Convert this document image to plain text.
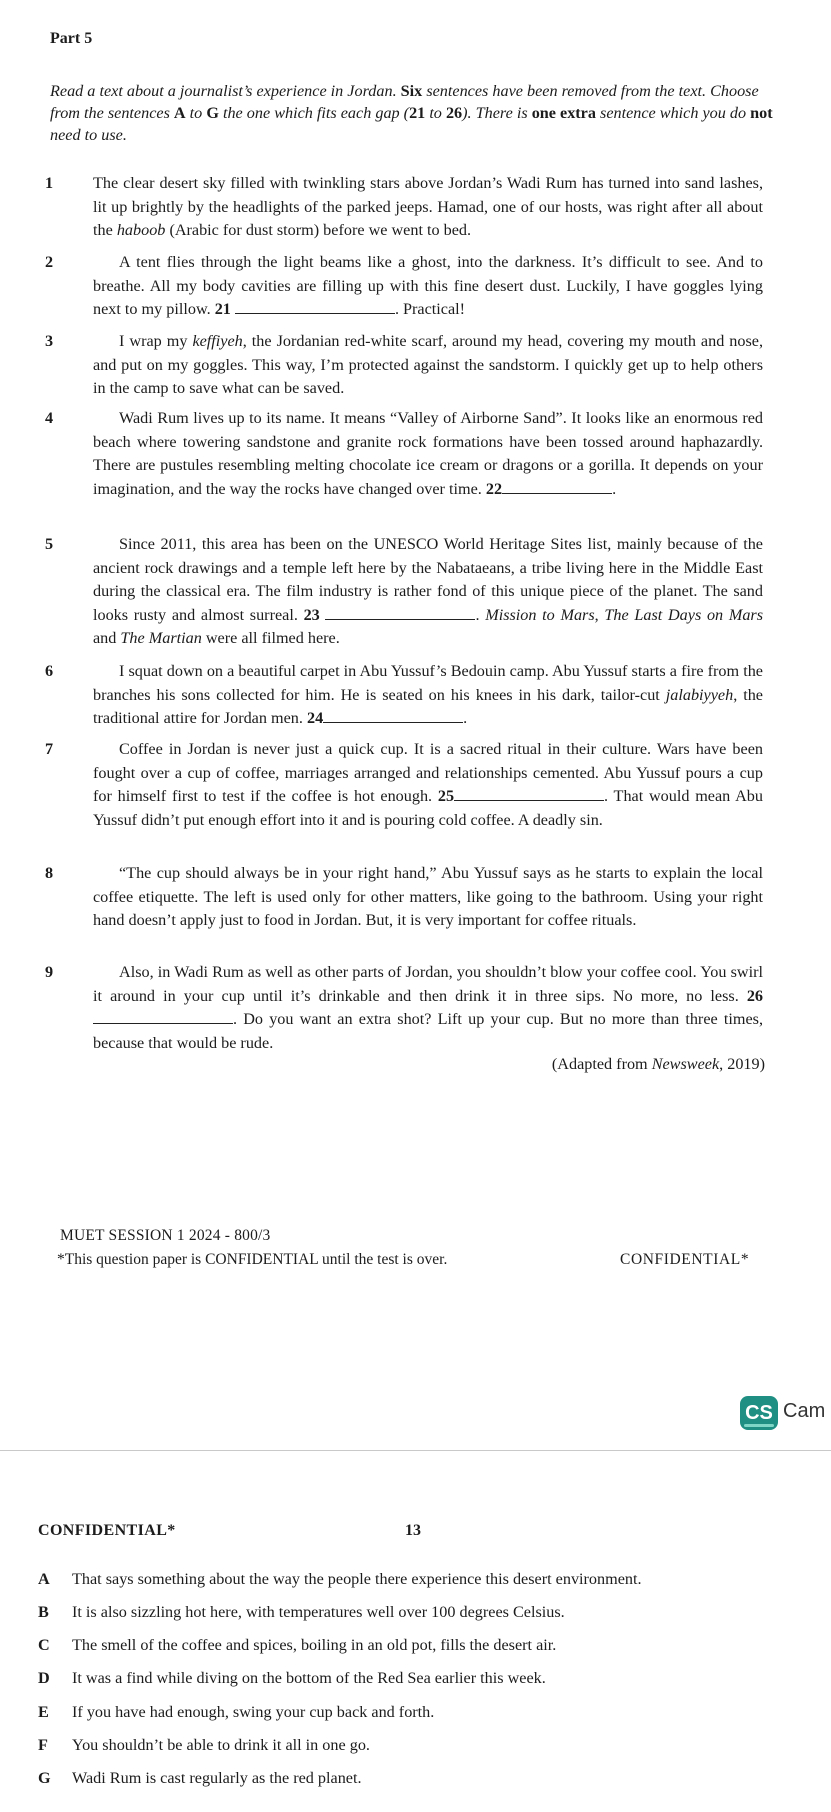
Part 5
Read a text about a journalist’s experience in Jordan. Six sentences have been removed from the text. Choose from the sentences A to G the one which fits each gap (21 to 26). There is one extra sentence which you do not need to use.
1 The clear desert sky filled with twinkling stars above Jordan’s Wadi Rum has turned into sand lashes, lit up brightly by the headlights of the parked jeeps. Hamad, one of our hosts, was right after all about the haboob (Arabic for dust storm) before we went to bed.
2	A tent flies through the light beams like a ghost, into the darkness. It’s difficult to see. And to breathe. All my body cavities are filling up with this fine desert dust. Luckily, I have goggles lying next to my pillow. 21	. Practical!
3	I wrap my keffiyeh, the Jordanian red-white scarf, around my head, covering my mouth and nose, and put on my goggles. This way, I’m protected against the sandstorm. I quickly get up to help others in the camp to save what can be saved.
4	Wadi Rum lives up to its name. It means “Valley of Airborne Sand”. It looks like an enormous red beach where towering sandstone and granite rock formations have been tossed around haphazardly. There are pustules resembling melting chocolate ice cream or dragons or a gorilla. It depends on your imagination, and the way the rocks have changed over time. 22	.
5	Since 2011, this area has been on the UNESCO World Heritage Sites list, mainly because of the ancient rock drawings and a temple left here by the Nabataeans, a tribe living here in the Middle East during the classical era. The film industry is rather fond of this unique piece of the planet. The sand looks rusty and almost surreal. 23	. Mission to Mars, The Last Days on Mars and The Martian were all filmed here.
6	I squat down on a beautiful carpet in Abu Yussuf’s Bedouin camp. Abu Yussuf starts a fire from the branches his sons collected for him. He is seated on his knees in his dark, tailor-cut jalabiyyeh, the traditional attire for Jordan men. 24	.
7	Coffee in Jordan is never just a quick cup. It is a sacred ritual in their culture. Wars have been fought over a cup of coffee, marriages arranged and relationships cemented. Abu Yussuf pours a cup for himself first to test if the coffee is hot enough. 25	. That would mean Abu Yussuf didn’t put enough effort into it and is pouring cold coffee. A deadly sin.
8	“The cup should always be in your right hand,” Abu Yussuf says as he starts to explain the local coffee etiquette. The left is used only for other matters, like going to the bathroom. Using your right hand doesn’t apply just to food in Jordan. But, it is very important for coffee rituals.
9	Also, in Wadi Rum as well as other parts of Jordan, you shouldn’t blow your coffee cool. You swirl it around in your cup until it’s drinkable and then drink it in three sips. No more, no less. 26 . Do you want an extra shot? Lift up your cup. But no more than three times, because that would be rude.
(Adapted from Newsweek, 2019)
MUET SESSION 1 2024 - 800/3
*This question paper is CONFIDENTIAL until the test is over.	CONFIDENTIAL*
CS Cam
CONFIDENTIAL*	13
A That says something about the way the people there experience this desert environment.
B It is also sizzling hot here, with temperatures well over 100 degrees Celsius.
C The smell of the coffee and spices, boiling in an old pot, fills the desert air.
D It was a find while diving on the bottom of the Red Sea earlier this week.
E If you have had enough, swing your cup back and forth.
F You shouldn’t be able to drink it all in one go.
G Wadi Rum is cast regularly as the red planet.
